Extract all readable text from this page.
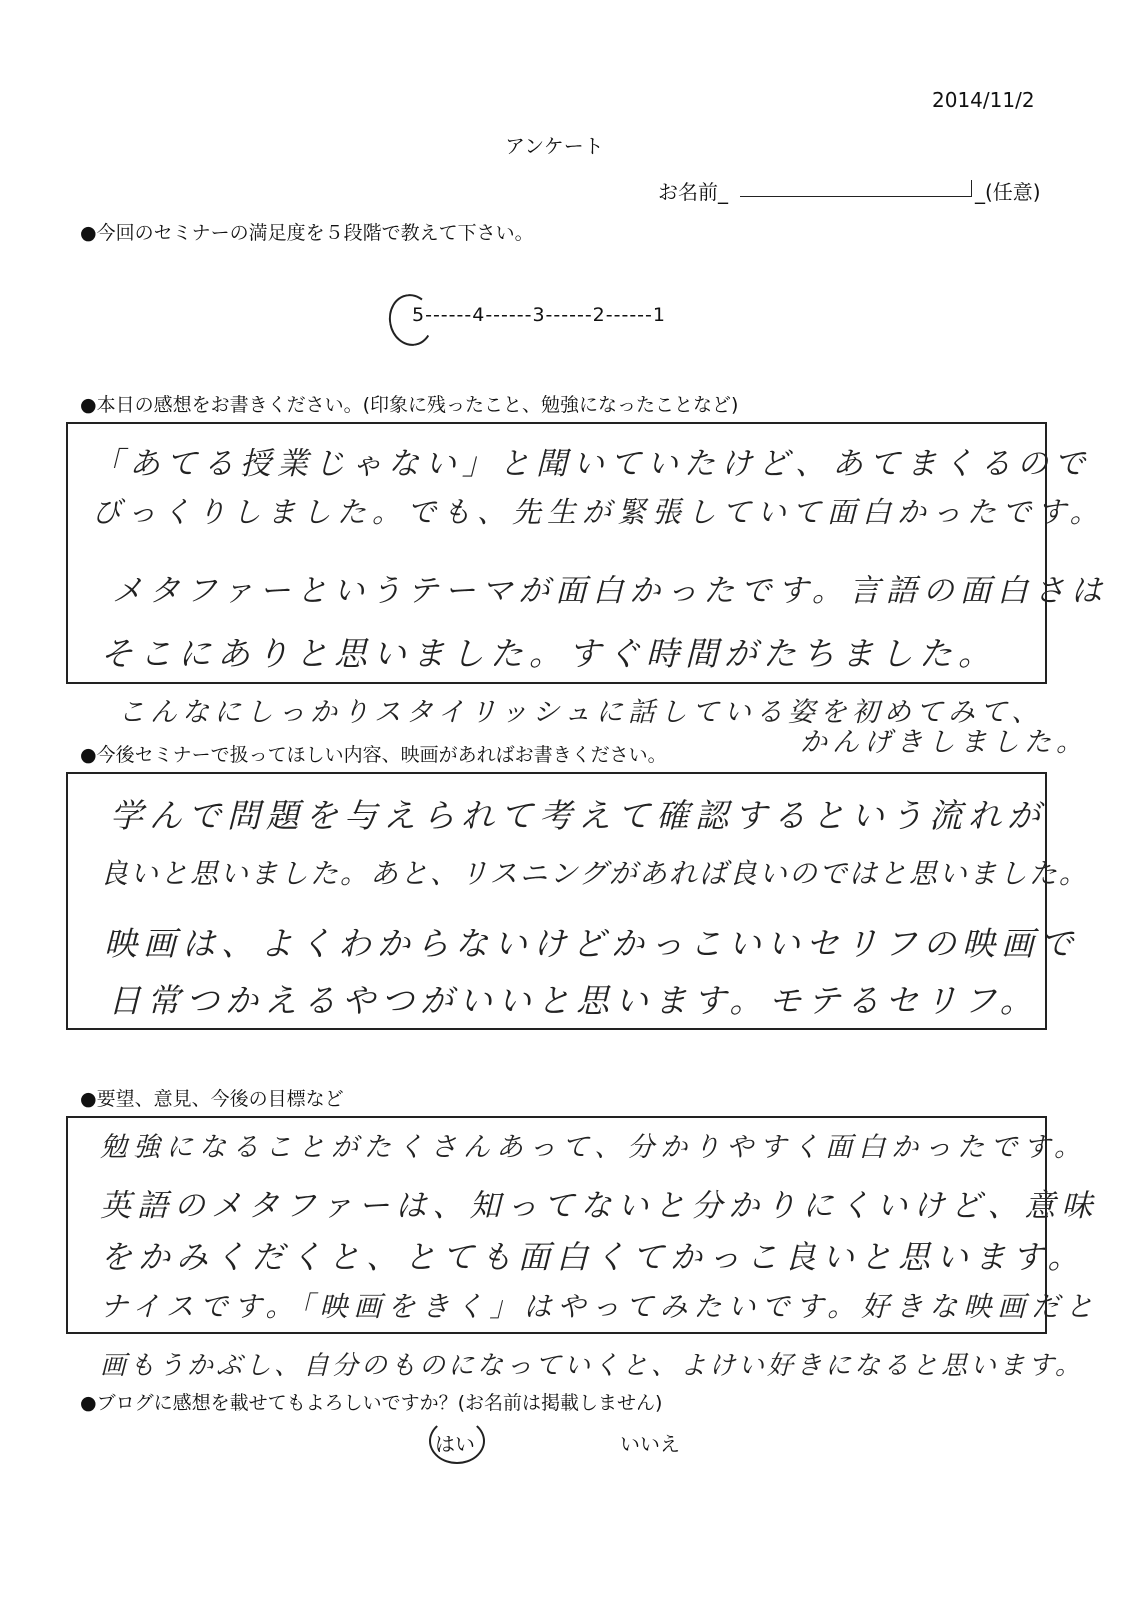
2014/11/2
アンケート
お名前_	_(任意)
●今回のセミナーの満足度を５段階で教えて下さい。
5------4------3------2------1
●本日の感想をお書きください。(印象に残ったこと、勉強になったことなど)
「あてる授業じゃない」と聞いていたけど、あてまくるので
びっくりしました。でも、先生が緊張していて面白かったです。
メタファーというテーマが面白かったです。言語の面白さは
そこにありと思いました。すぐ時間がたちました。
こんなにしっかりスタイリッシュに話している姿を初めてみて、
かんげきしました。
●今後セミナーで扱ってほしい内容、映画があればお書きください。
学んで問題を与えられて考えて確認するという流れが
良いと思いました。あと、リスニングがあれば良いのではと思いました。
映画は、よくわからないけどかっこいいセリフの映画で
日常つかえるやつがいいと思います。モテるセリフ。
●要望、意見、今後の目標など
勉強になることがたくさんあって、分かりやすく面白かったです。
英語のメタファーは、知ってないと分かりにくいけど、意味
をかみくだくと、とても面白くてかっこ良いと思います。
ナイスです。「映画をきく」はやってみたいです。好きな映画だと
画もうかぶし、自分のものになっていくと、よけい好きになると思います。
●ブログに感想を載せてもよろしいですか？(お名前は掲載しません)
はい	いいえ
